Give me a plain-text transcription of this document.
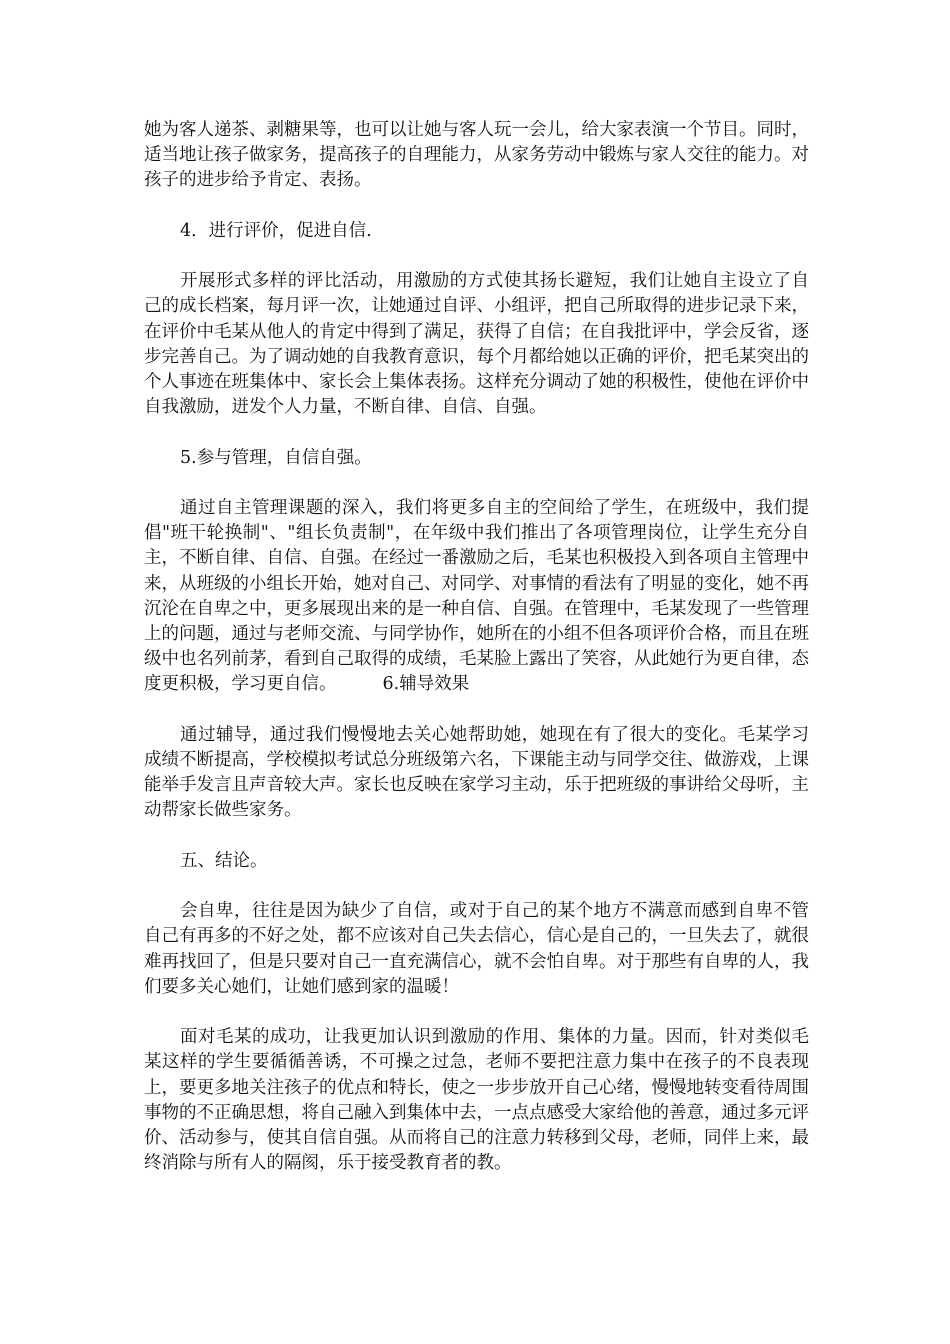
她为客人递茶、剥糖果等，也可以让她与客人玩一会儿，给大家表演一个节目。同时，适当地让孩子做家务，提高孩子的自理能力，从家务劳动中锻炼与家人交往的能力。对孩子的进步给予肯定、表扬。

4．进行评价，促进自信.

开展形式多样的评比活动，用激励的方式使其扬长避短，我们让她自主设立了自己的成长档案，每月评一次，让她通过自评、小组评，把自己所取得的进步记录下来，在评价中毛某从他人的肯定中得到了满足，获得了自信；在自我批评中，学会反省，逐步完善自己。为了调动她的自我教育意识，每个月都给她以正确的评价，把毛某突出的个人事迹在班集体中、家长会上集体表扬。这样充分调动了她的积极性，使他在评价中自我激励，迸发个人力量，不断自律、自信、自强。

5.参与管理，自信自强。

通过自主管理课题的深入，我们将更多自主的空间给了学生，在班级中，我们提倡"班干轮换制"、"组长负责制"，在年级中我们推出了各项管理岗位，让学生充分自主，不断自律、自信、自强。在经过一番激励之后，毛某也积极投入到各项自主管理中来，从班级的小组长开始，她对自己、对同学、对事情的看法有了明显的变化，她不再沉沦在自卑之中，更多展现出来的是一种自信、自强。在管理中，毛某发现了一些管理上的问题，通过与老师交流、与同学协作，她所在的小组不但各项评价合格，而且在班级中也名列前茅，看到自己取得的成绩，毛某脸上露出了笑容，从此她行为更自律，态度更积极，学习更自信。	6.辅导效果

通过辅导，通过我们慢慢地去关心她帮助她，她现在有了很大的变化。毛某学习成绩不断提高，学校模拟考试总分班级第六名，下课能主动与同学交往、做游戏，上课能举手发言且声音较大声。家长也反映在家学习主动，乐于把班级的事讲给父母听，主动帮家长做些家务。

五、结论。

会自卑，往往是因为缺少了自信，或对于自己的某个地方不满意而感到自卑不管自己有再多的不好之处，都不应该对自己失去信心，信心是自己的，一旦失去了，就很难再找回了，但是只要对自己一直充满信心，就不会怕自卑。对于那些有自卑的人，我们要多关心她们，让她们感到家的温暖！

面对毛某的成功，让我更加认识到激励的作用、集体的力量。因而，针对类似毛某这样的学生要循循善诱，不可操之过急，老师不要把注意力集中在孩子的不良表现上，要更多地关注孩子的优点和特长，使之一步步放开自己心绪，慢慢地转变看待周围事物的不正确思想，将自己融入到集体中去，一点点感受大家给他的善意，通过多元评价、活动参与，使其自信自强。从而将自己的注意力转移到父母，老师，同伴上来，最终消除与所有人的隔阂，乐于接受教育者的教。
